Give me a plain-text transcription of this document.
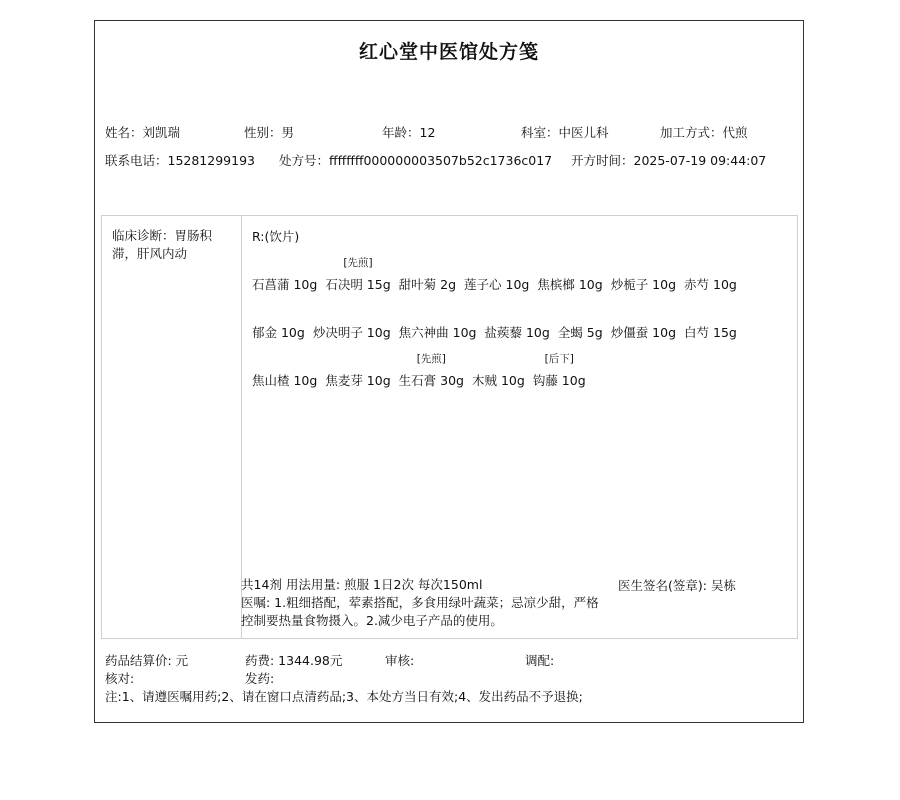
红心堂中医馆处方笺
姓名：刘凯瑞	性别：男	年龄：12	科室：中医儿科	加工方式：代煎
联系电话：15281299193 处方号：ffffffff000000003507b52c1736c017 开方时间：2025-07-19 09:44:07
临床诊断：胃肠积滞，肝风内动
R:(饮片)
石菖蒲 10g 石决明 15g
[先煎]
甜叶菊 2g 莲子心 10g 焦槟榔 10g 炒栀子 10g 赤芍 10g
郁金 10g 炒决明子 10g 焦六神曲 10g 盐蒺藜 10g 全蝎 5g 炒僵蚕 10g 白芍 15g
焦山楂 10g 焦麦芽 10g 生石膏 30g
[先煎]
木贼 10g 钩藤 10g
[后下]
共14剂 用法用量: 煎服 1日2次 每次150ml
医嘱: 1.粗细搭配，荤素搭配，多食用绿叶蔬菜；忌凉少甜，严格
控制要热量食物摄入。2.减少电子产品的使用。
医生签名(签章): 吴栋
药品结算价: 元	药费: 1344.98元	审核:	调配:
核对:	发药:
注:1、请遵医嘱用药;2、请在窗口点清药品;3、本处方当日有效;4、发出药品不予退换;
